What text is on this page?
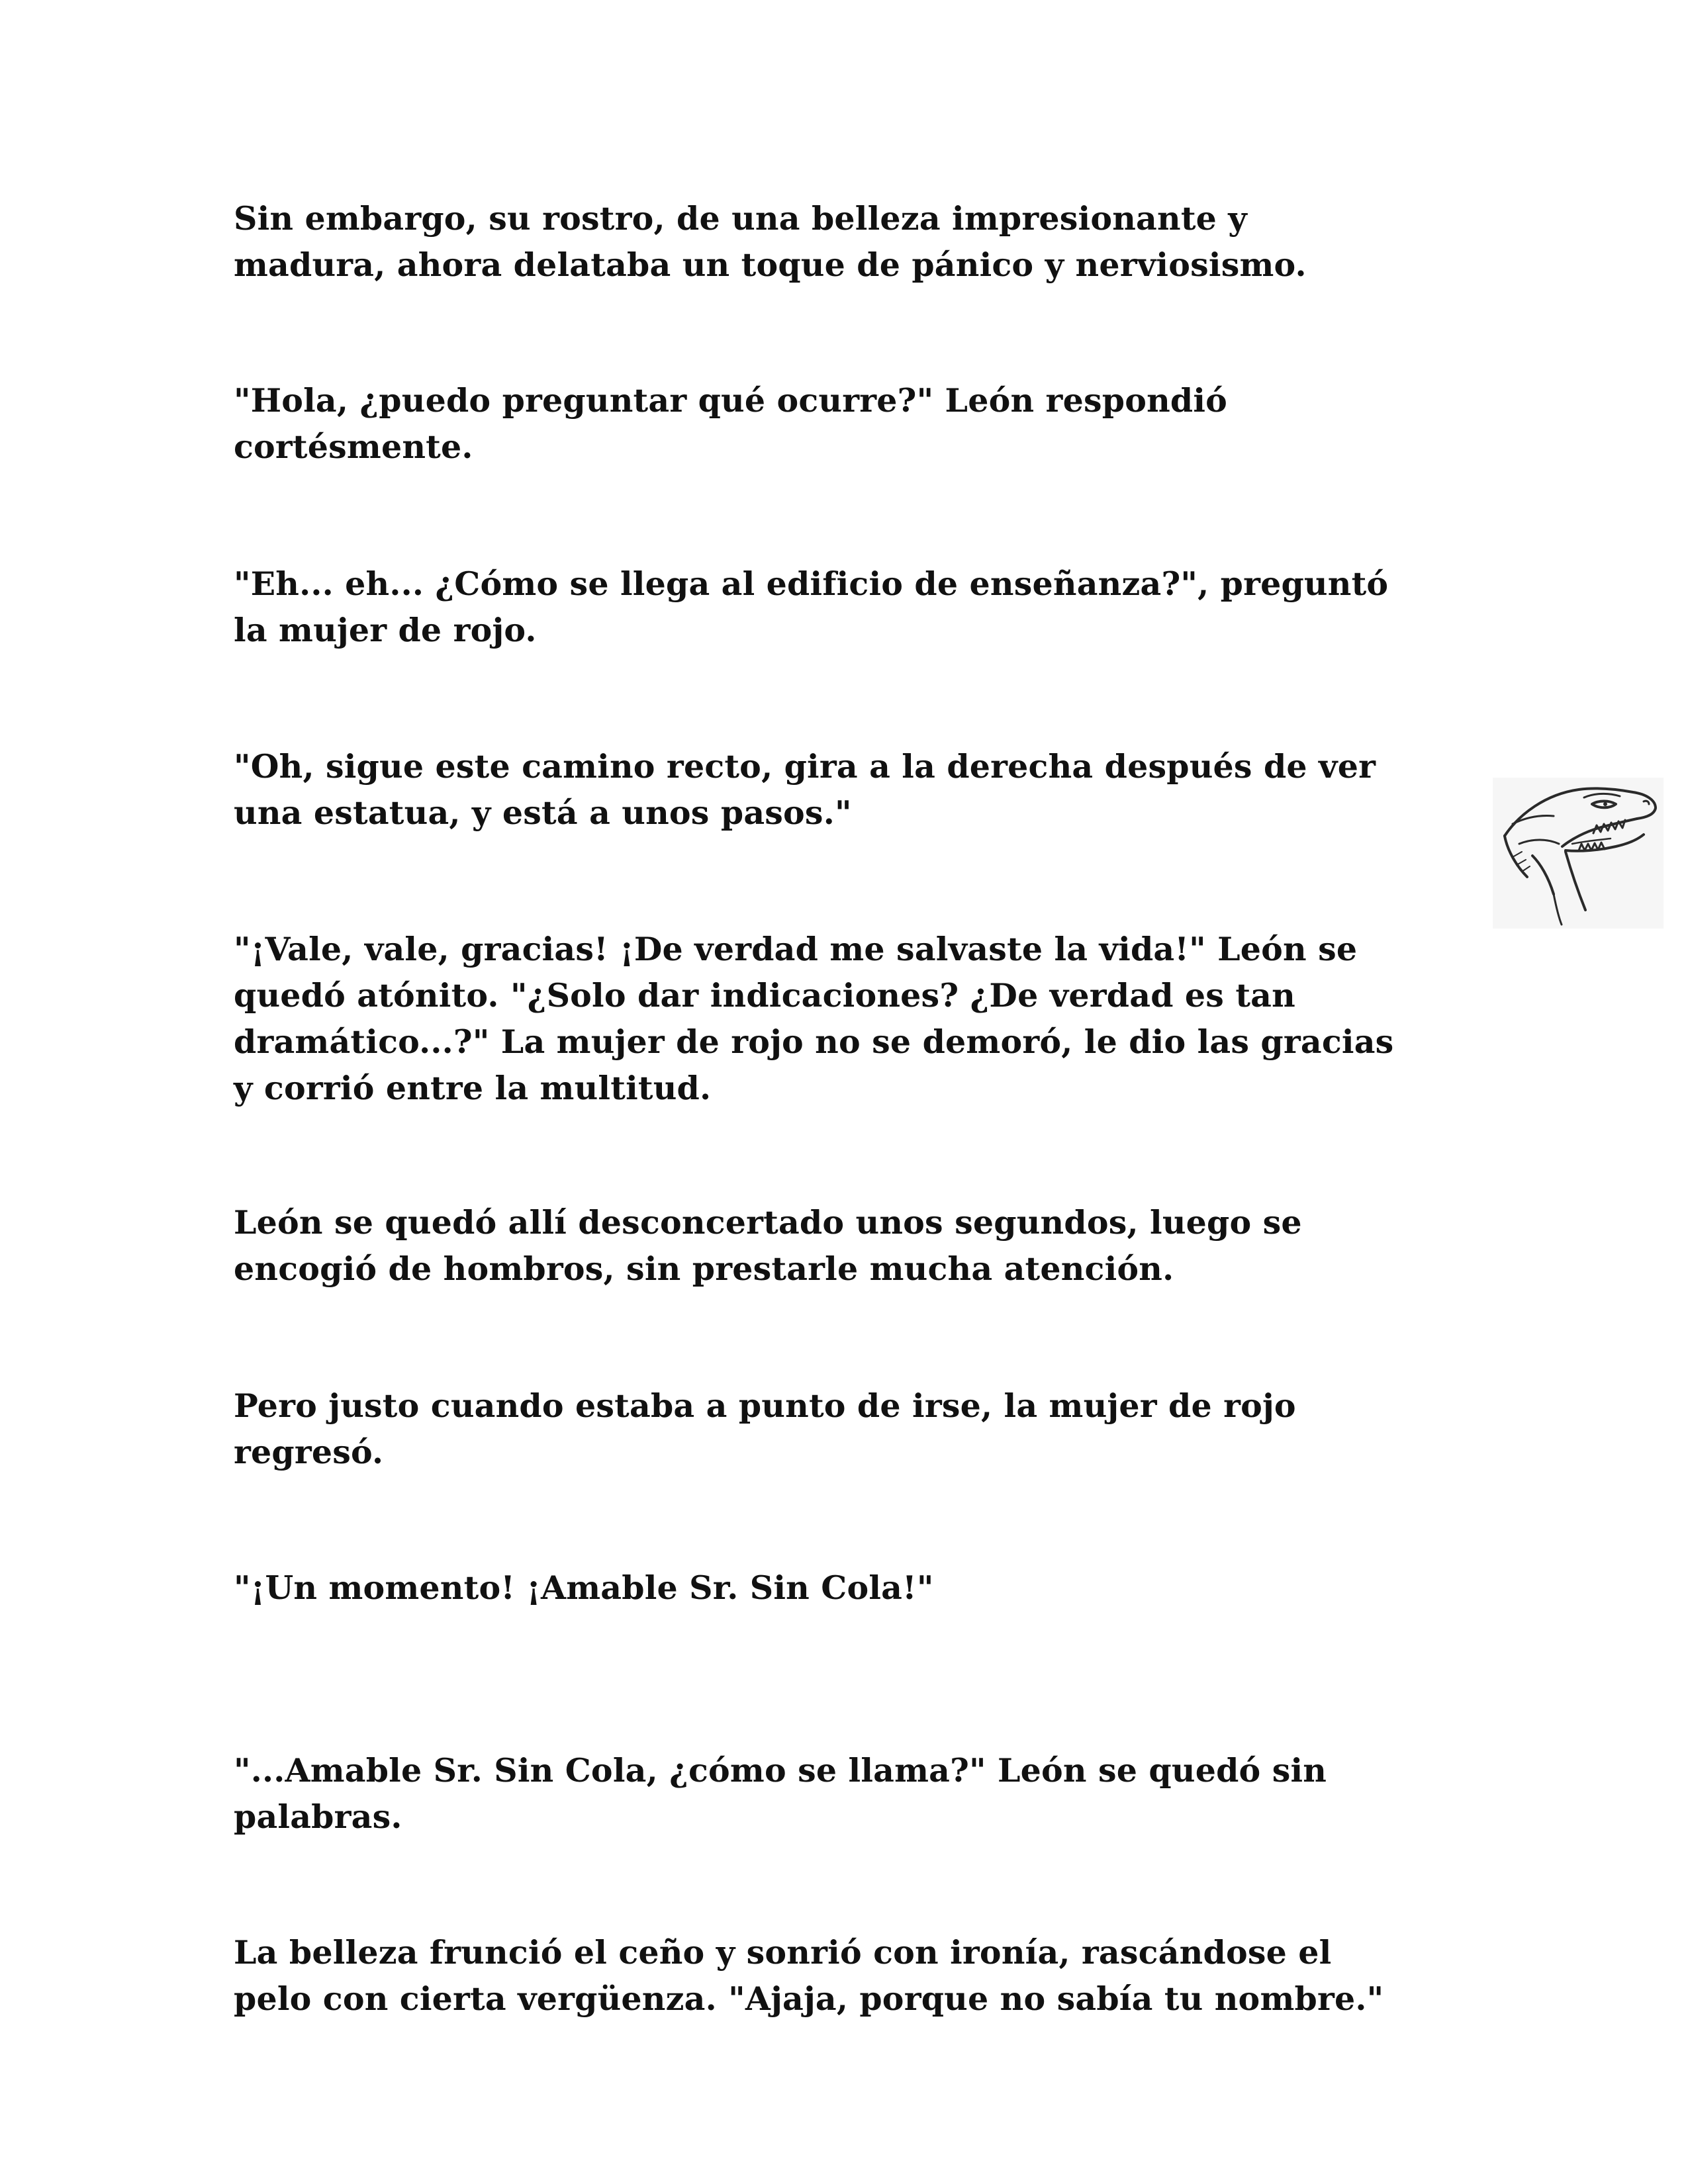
Sin embargo, su rostro, de una belleza impresionante y
madura, ahora delataba un toque de pánico y nerviosismo.

"Hola, ¿puedo preguntar qué ocurre?" León respondió
cortésmente.

"Eh... eh... ¿Cómo se llega al edificio de enseñanza?", preguntó
la mujer de rojo.

"Oh, sigue este camino recto, gira a la derecha después de ver
una estatua, y está a unos pasos."

"¡Vale, vale, gracias! ¡De verdad me salvaste la vida!" León se
quedó atónito. "¿Solo dar indicaciones? ¿De verdad es tan
dramático...?" La mujer de rojo no se demoró, le dio las gracias
y corrió entre la multitud.

León se quedó allí desconcertado unos segundos, luego se
encogió de hombros, sin prestarle mucha atención.

Pero justo cuando estaba a punto de irse, la mujer de rojo
regresó.

"¡Un momento! ¡Amable Sr. Sin Cola!"

"...Amable Sr. Sin Cola, ¿cómo se llama?" León se quedó sin
palabras.

La belleza frunció el ceño y sonrió con ironía, rascándose el
pelo con cierta vergüenza. "Ajaja, porque no sabía tu nombre."
